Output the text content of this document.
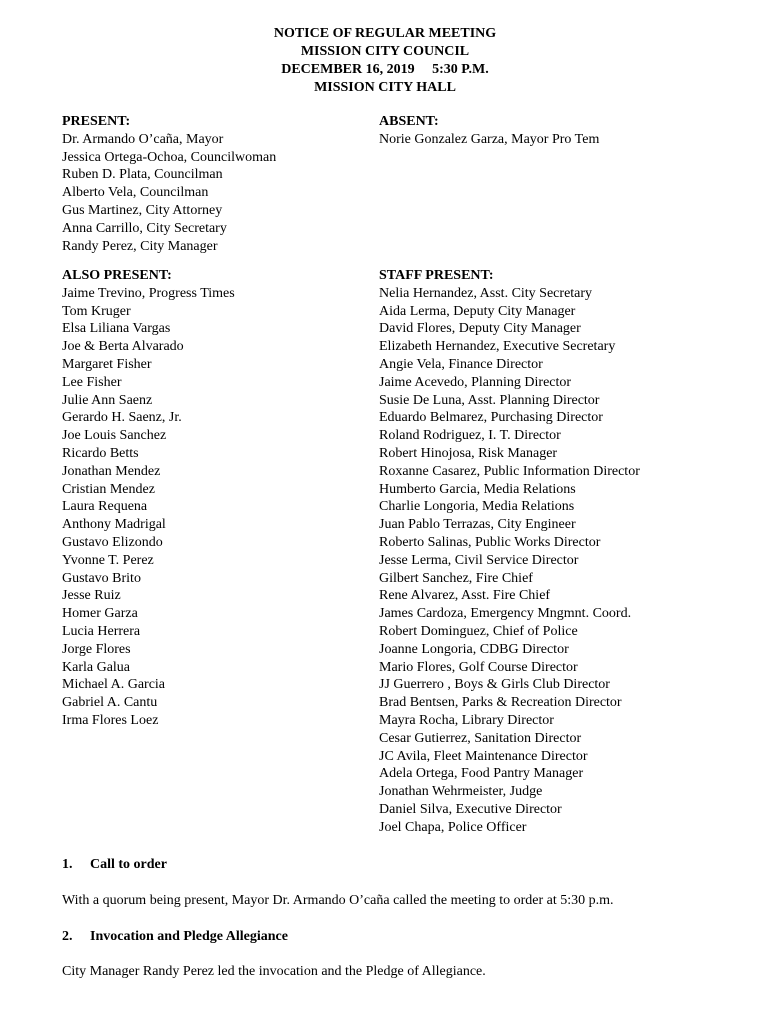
NOTICE OF REGULAR MEETING
MISSION CITY COUNCIL
DECEMBER 16, 2019     5:30 P.M.
MISSION CITY HALL
PRESENT:
Dr. Armando O’caña, Mayor
Jessica Ortega-Ochoa, Councilwoman
Ruben D. Plata, Councilman
Alberto Vela, Councilman
Gus Martinez, City Attorney
Anna Carrillo, City Secretary
Randy Perez, City Manager
ABSENT:
Norie Gonzalez Garza, Mayor Pro Tem
ALSO PRESENT:
Jaime Trevino, Progress Times
Tom Kruger
Elsa Liliana Vargas
Joe & Berta Alvarado
Margaret Fisher
Lee Fisher
Julie Ann Saenz
Gerardo H. Saenz, Jr.
Joe Louis Sanchez
Ricardo Betts
Jonathan Mendez
Cristian Mendez
Laura Requena
Anthony Madrigal
Gustavo Elizondo
Yvonne T. Perez
Gustavo Brito
Jesse Ruiz
Homer Garza
Lucia Herrera
Jorge Flores
Karla Galua
Michael A. Garcia
Gabriel A. Cantu
Irma Flores Loez
STAFF PRESENT:
Nelia Hernandez, Asst. City Secretary
Aida Lerma, Deputy City Manager
David Flores, Deputy City Manager
Elizabeth Hernandez, Executive Secretary
Angie Vela, Finance Director
Jaime Acevedo, Planning Director
Susie De Luna, Asst. Planning Director
Eduardo Belmarez, Purchasing Director
Roland Rodriguez, I. T. Director
Robert Hinojosa, Risk Manager
Roxanne Casarez, Public Information Director
Humberto Garcia, Media Relations
Charlie Longoria, Media Relations
Juan Pablo Terrazas, City Engineer
Roberto Salinas, Public Works Director
Jesse Lerma, Civil Service Director
Gilbert Sanchez, Fire Chief
Rene Alvarez, Asst. Fire Chief
James Cardoza, Emergency Mngmnt. Coord.
Robert Dominguez, Chief of Police
Joanne Longoria, CDBG Director
Mario Flores, Golf Course Director
JJ Guerrero , Boys & Girls Club Director
Brad Bentsen, Parks & Recreation Director
Mayra Rocha, Library Director
Cesar Gutierrez, Sanitation Director
JC Avila, Fleet Maintenance Director
Adela Ortega, Food Pantry Manager
Jonathan Wehrmeister, Judge
Daniel Silva, Executive Director
Joel Chapa, Police Officer
1. Call to order
With a quorum being present, Mayor Dr. Armando O’caña called the meeting to order at 5:30 p.m.
2. Invocation and Pledge Allegiance
City Manager Randy Perez led the invocation and the Pledge of Allegiance.
